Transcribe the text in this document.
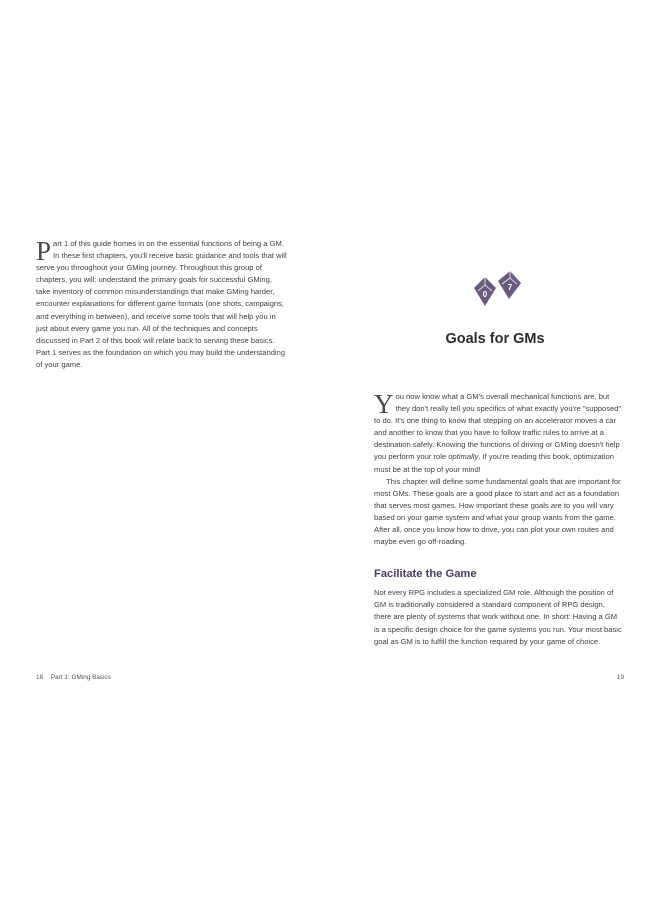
Part 1 of this guide homes in on the essential functions of being a GM. In these first chapters, you'll receive basic guidance and tools that will serve you throughout your GMing journey. Throughout this group of chapters, you will: understand the primary goals for successful GMing, take inventory of common misunderstandings that make GMing harder, encounter explanations for different game formats (one shots, campaigns, and everything in between), and receive some tools that will help you in just about every game you run. All of the techniques and concepts discussed in Part 2 of this book will relate back to serving these basics. Part 1 serves as the foundation on which you may build the understanding of your game.

18 Part 1: GMing Basics
0
7
Goals for GMs

You now know what a GM's overall mechanical functions are, but they don't really tell you specifics of what exactly you're "supposed" to do. It's one thing to know that stepping on an accelerator moves a car and another to know that you have to follow traffic rules to arrive at a destination safely. Knowing the functions of driving or GMing doesn't help you perform your role optimally. If you're reading this book, optimization must be at the top of your mind!

This chapter will define some fundamental goals that are important for most GMs. These goals are a good place to start and act as a foundation that serves most games. How important these goals are to you will vary based on your game system and what your group wants from the game. After all, once you know how to drive, you can plot your own routes and maybe even go off-roading.

Facilitate the Game

Not every RPG includes a specialized GM role. Although the position of GM is traditionally considered a standard component of RPG design, there are plenty of systems that work without one. In short: Having a GM is a specific design choice for the game systems you run. Your most basic goal as GM is to fulfill the function required by your game of choice.

19
